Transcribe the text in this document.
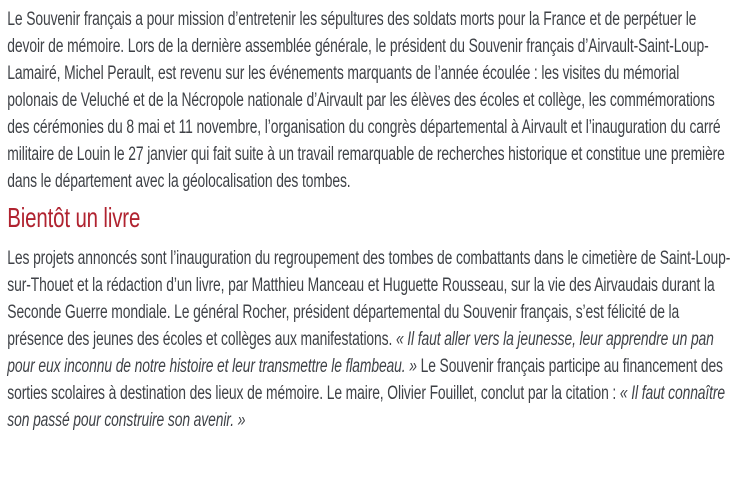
Le Souvenir français a pour mission d’entretenir les sépultures des soldats morts pour la France et de perpétuer le devoir de mémoire. Lors de la dernière assemblée générale, le président du Souvenir français d’Airvault-Saint-Loup-Lamairé, Michel Perault, est revenu sur les événements marquants de l’année écoulée : les visites du mémorial polonais de Veluché et de la Nécropole nationale d’Airvault par les élèves des écoles et collège, les commémorations des cérémonies du 8 mai et 11 novembre, l’organisation du congrès départemental à Airvault et l’inauguration du carré militaire de Louin le 27 janvier qui fait suite à un travail remarquable de recherches historique et constitue une première dans le département avec la géolocalisation des tombes.

Bientôt un livre

Les projets annoncés sont l’inauguration du regroupement des tombes de combattants dans le cimetière de Saint-Loup-sur-Thouet et la rédaction d’un livre, par Matthieu Manceau et Huguette Rousseau, sur la vie des Airvaudais durant la Seconde Guerre mondiale. Le général Rocher, président départemental du Souvenir français, s’est félicité de la présence des jeunes des écoles et collèges aux manifestations. « Il faut aller vers la jeunesse, leur apprendre un pan pour eux inconnu de notre histoire et leur transmettre le flambeau. » Le Souvenir français participe au financement des sorties scolaires à destination des lieux de mémoire. Le maire, Olivier Fouillet, conclut par la citation : « Il faut connaître son passé pour construire son avenir. »
